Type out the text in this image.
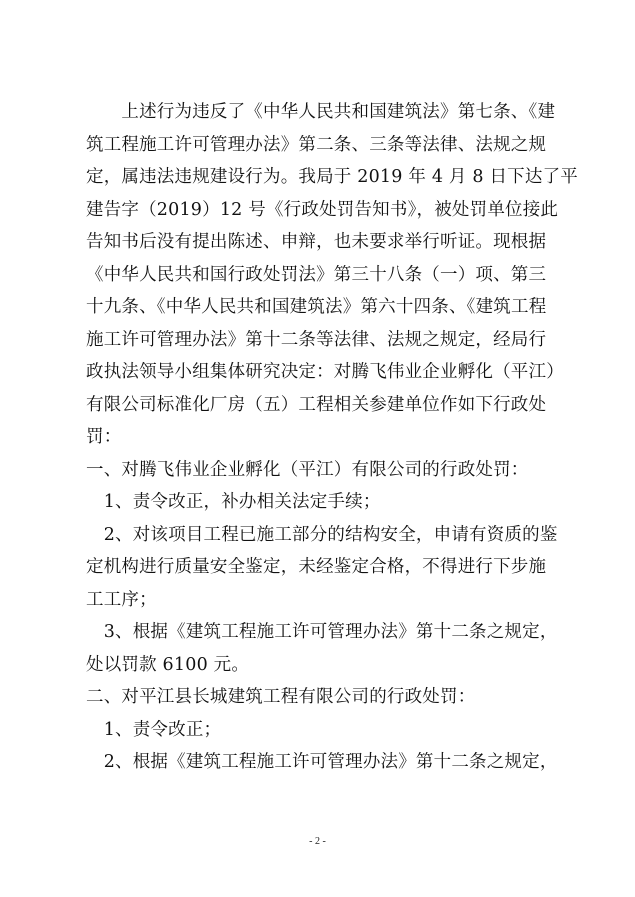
　　上述行为违反了《中华人民共和国建筑法》第七条、《建
筑工程施工许可管理办法》第二条、三条等法律、法规之规
定，属违法违规建设行为。我局于 2019 年 4 月 8 日下达了平
建告字（2019）12 号《行政处罚告知书》，被处罚单位接此
告知书后没有提出陈述、申辩，也未要求举行听证。现根据
《中华人民共和国行政处罚法》第三十八条（一）项、第三
十九条、《中华人民共和国建筑法》第六十四条、《建筑工程
施工许可管理办法》第十二条等法律、法规之规定，经局行
政执法领导小组集体研究决定：对腾飞伟业企业孵化（平江）
有限公司标准化厂房（五）工程相关参建单位作如下行政处
罚：
一、对腾飞伟业企业孵化（平江）有限公司的行政处罚：
　1、责令改正，补办相关法定手续；
　2、对该项目工程已施工部分的结构安全，申请有资质的鉴
定机构进行质量安全鉴定，未经鉴定合格，不得进行下步施
工工序；
　3、根据《建筑工程施工许可管理办法》第十二条之规定，
处以罚款 6100 元。
二、对平江县长城建筑工程有限公司的行政处罚：
　1、责令改正；
　2、根据《建筑工程施工许可管理办法》第十二条之规定，
- 2 -
